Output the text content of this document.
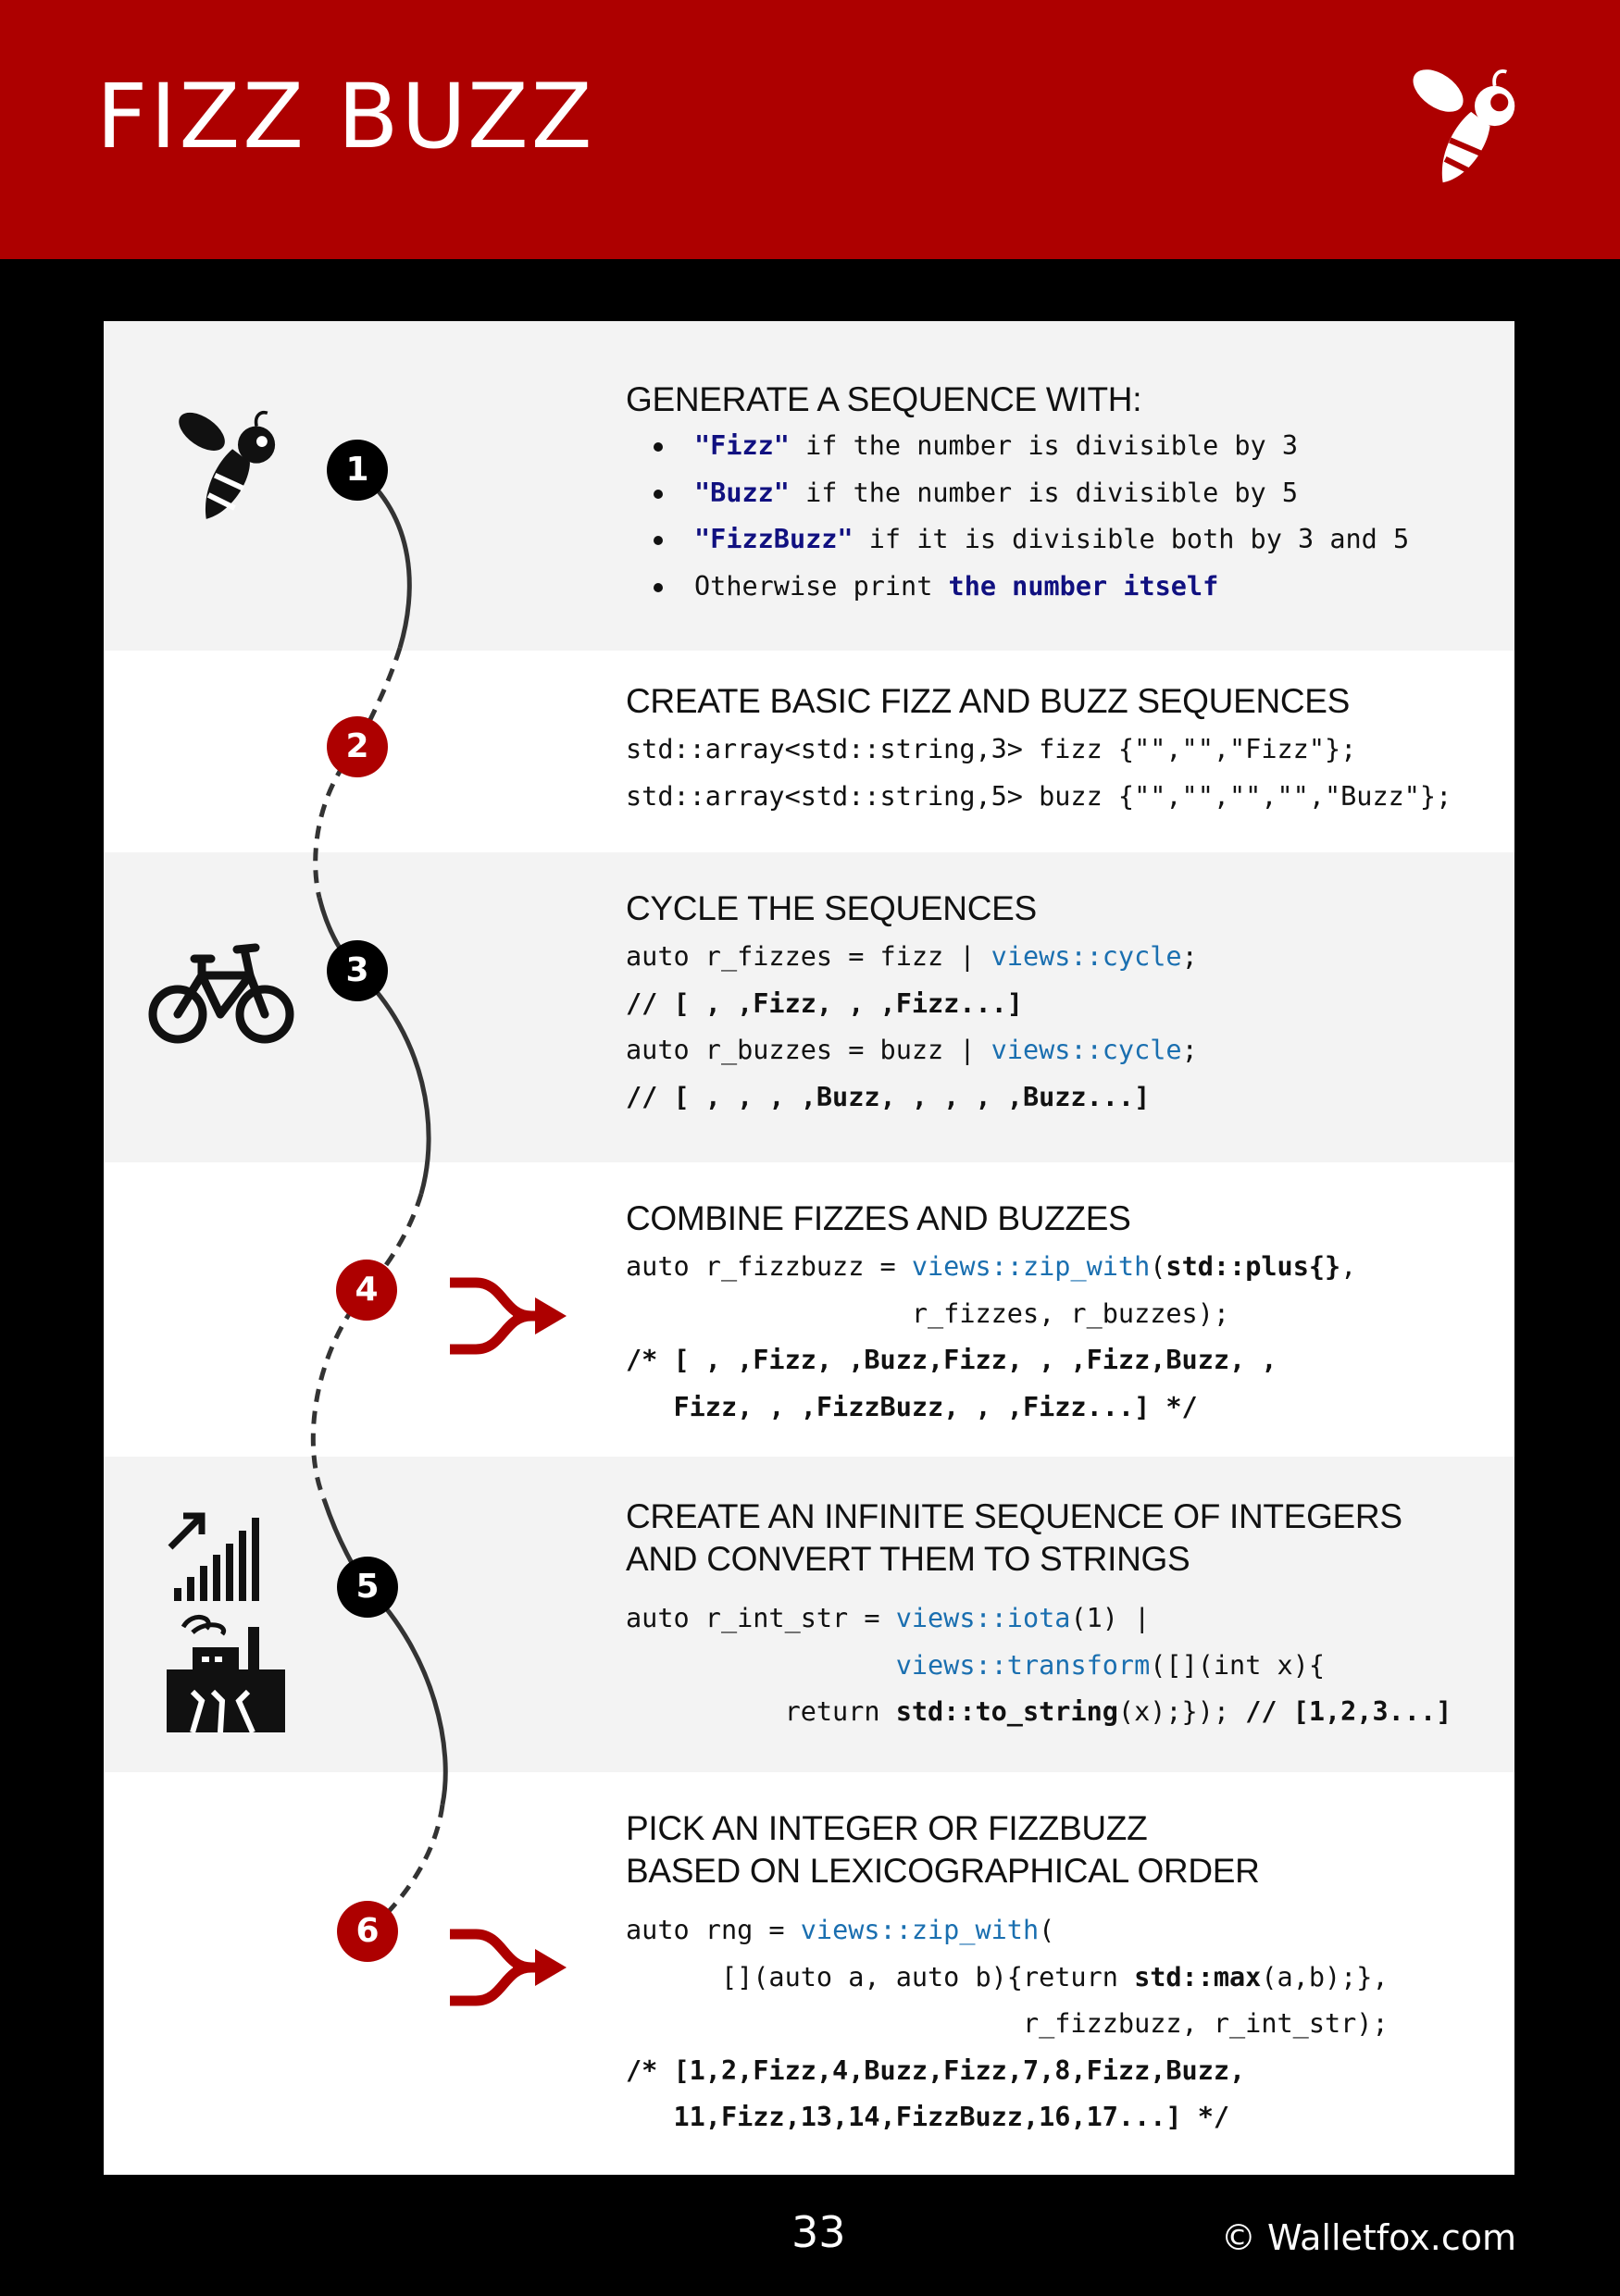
FIZZ BUZZ
GENERATE A SEQUENCE WITH:
"Fizz" if the number is divisible by 3
"Buzz" if the number is divisible by 5
"FizzBuzz" if it is divisible both by 3 and 5
Otherwise print the number itself
CREATE BASIC FIZZ AND BUZZ SEQUENCES
std::array<std::string,3> fizz {"","","Fizz"};
std::array<std::string,5> buzz {"","","","","Buzz"};
CYCLE THE SEQUENCES
auto r_fizzes = fizz | views::cycle;
// [ , ,Fizz, , ,Fizz...]
auto r_buzzes = buzz | views::cycle;
// [ , , , ,Buzz, , , , ,Buzz...]
COMBINE FIZZES AND BUZZES
auto r_fizzbuzz = views::zip_with(std::plus{},
r_fizzes, r_buzzes);
/* [ , ,Fizz, ,Buzz,Fizz, , ,Fizz,Buzz, ,
Fizz, , ,FizzBuzz, , ,Fizz...] */
CREATE AN INFINITE SEQUENCE OF INTEGERS
AND CONVERT THEM TO STRINGS
auto r_int_str = views::iota(1) |
views::transform([](int x){
return std::to_string(x);}); // [1,2,3...]
PICK AN INTEGER OR FIZZBUZZ
BASED ON LEXICOGRAPHICAL ORDER
auto rng = views::zip_with(
[](auto a, auto b){return std::max(a,b);},
r_fizzbuzz, r_int_str);
/* [1,2,Fizz,4,Buzz,Fizz,7,8,Fizz,Buzz,
11,Fizz,13,14,FizzBuzz,16,17...] */
1
2
3
4
5
6
33	© Walletfox.com
